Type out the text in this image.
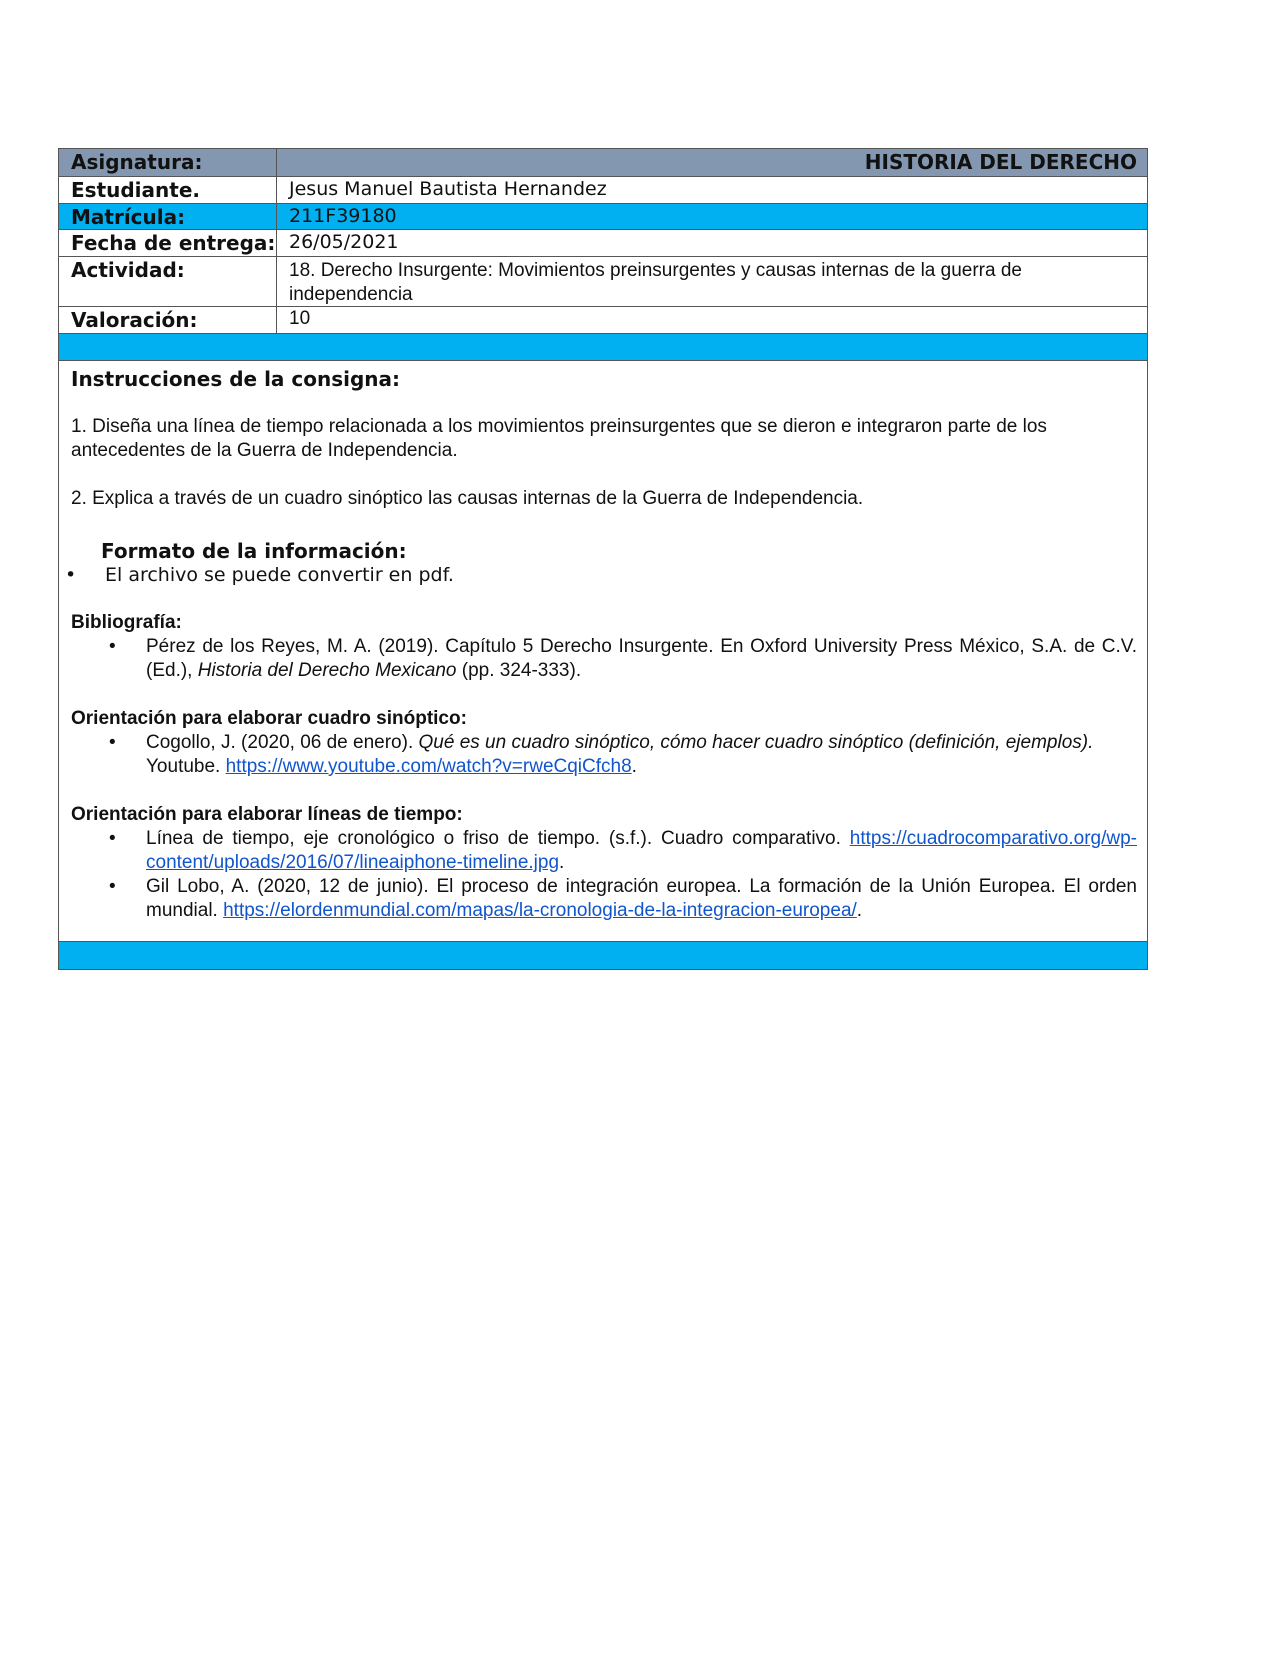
Asignatura:	HISTORIA DEL DERECHO
Estudiante.	Jesus Manuel Bautista Hernandez
Matrícula:	211F39180
Fecha de entrega: 26/05/2021
Actividad:	18. Derecho Insurgente: Movimientos preinsurgentes y causas internas de la guerra de independencia
Valoración:	10

Instrucciones de la consigna:

1. Diseña una línea de tiempo relacionada a los movimientos preinsurgentes que se dieron e integraron parte de los antecedentes de la Guerra de Independencia.

2. Explica a través de un cuadro sinóptico las causas internas de la Guerra de Independencia.

Formato de la información:

• El archivo se puede convertir en pdf.

Bibliografía:

• Pérez de los Reyes, M. A. (2019). Capítulo 5 Derecho Insurgente. En Oxford University Press México, S.A. de C.V. (Ed.), Historia del Derecho Mexicano (pp. 324-333).

Orientación para elaborar cuadro sinóptico:

• Cogollo, J. (2020, 06 de enero). Qué es un cuadro sinóptico, cómo hacer cuadro sinóptico (definición, ejemplos). Youtube. https://www.youtube.com/watch?v=rweCqiCfch8.

Orientación para elaborar líneas de tiempo:

• Línea de tiempo, eje cronológico o friso de tiempo. (s.f.). Cuadro comparativo. https://cuadrocomparativo.org/wp-content/uploads/2016/07/lineaiphone-timeline.jpg.
• Gil Lobo, A. (2020, 12 de junio). El proceso de integración europea. La formación de la Unión Europea. El orden mundial. https://elordenmundial.com/mapas/la-cronologia-de-la-integracion-europea/.
